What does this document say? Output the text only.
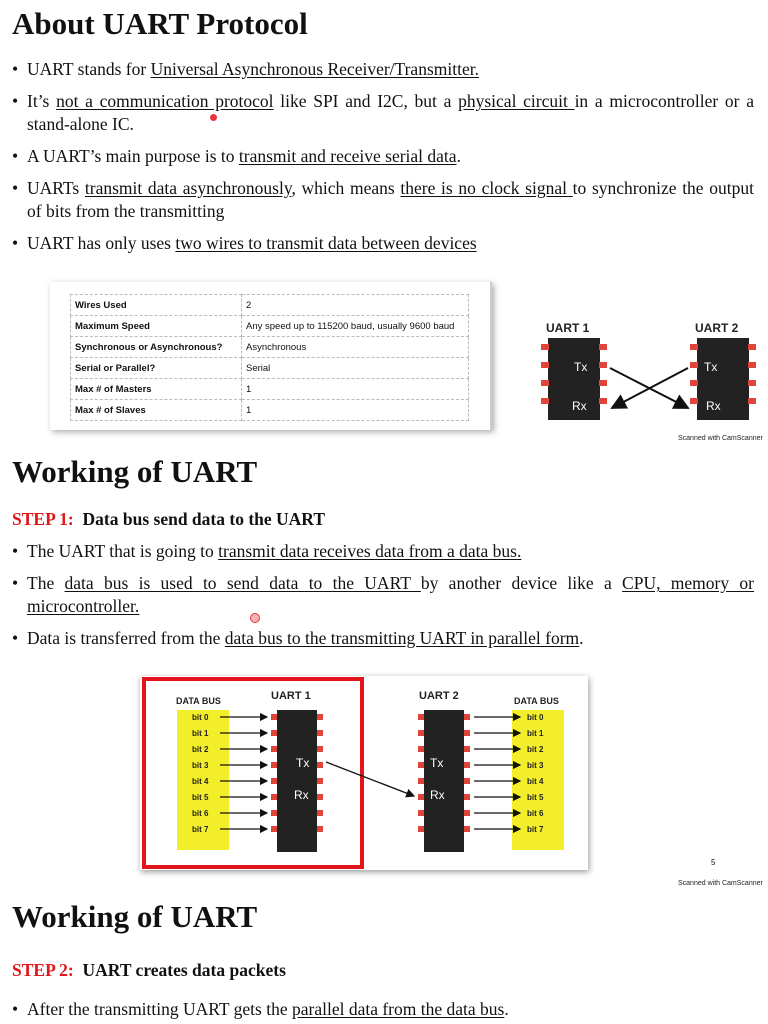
About UART Protocol
• UART stands for Universal Asynchronous Receiver/Transmitter.
• It’s not a communication protocol like SPI and I2C, but a physical circuit in a microcontroller or a stand-alone IC.
• A UART’s main purpose is to transmit and receive serial data.
• UARTs transmit data asynchronously, which means there is no clock signal to synchronize the output of bits from the transmitting
• UART has only uses two wires to transmit data between devices
Wires Used	2
Maximum Speed	Any speed up to 115200 baud, usually 9600 baud
Synchronous or Asynchronous?	Asynchronous
Serial or Parallel?	Serial
Max # of Masters	1
Max # of Slaves	1
UART 1	UART 2
Tx
Rx
Tx
Rx
Scanned with CamScanner
Working of UART
STEP 1: Data bus send data to the UART
• The UART that is going to transmit data receives data from a data bus.
• The data bus is used to send data to the UART by another device like a CPU, memory or microcontroller.
• Data is transferred from the data bus to the transmitting UART in parallel form.
DATA BUS	DATA BUS
UART 1	UART 2
bit 0	bit 0
bit 1	bit 1
bit 2	bit 2
bit 3	bit 3
bit 4	bit 4
bit 5	bit 5
bit 6	bit 6
bit 7	bit 7
Tx
Rx
Tx
Rx
5
Scanned with CamScanner
Working of UART
STEP 2: UART creates data packets
• After the transmitting UART gets the parallel data from the data bus.
